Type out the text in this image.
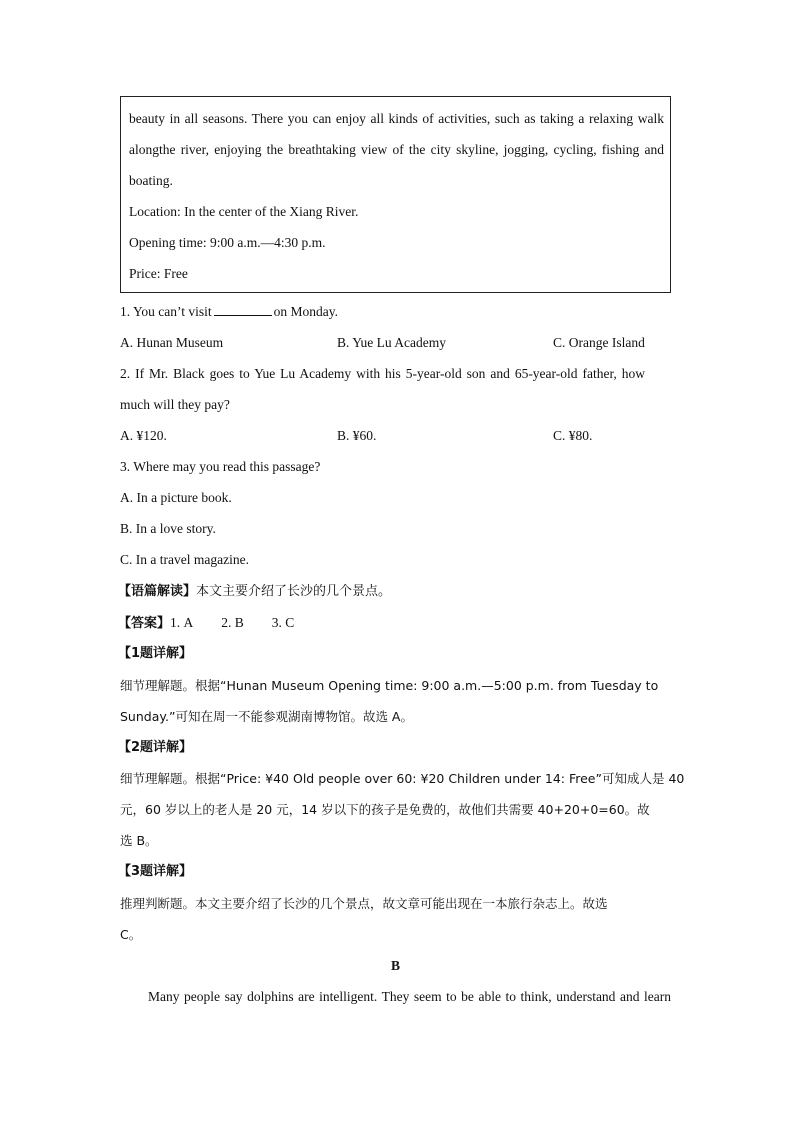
beauty in all seasons. There you can enjoy all kinds of activities, such as taking a relaxing walk
alongthe river, enjoying the breathtaking view of the city skyline, jogging, cycling, fishing and
boating.
Location: In the center of the Xiang River.
Opening time: 9:00 a.m.—4:30 p.m.
Price: Free
1. You can’t visit	on Monday.
A. Hunan Museum	B. Yue Lu Academy	C. Orange Island
2. If Mr. Black goes to Yue Lu Academy with his 5-year-old son and 65-year-old father, how
much will they pay?
A. ¥120.	B. ¥60.	C. ¥80.
3. Where may you read this passage?
A. In a picture book.
B. In a love story.
C. In a travel magazine.
【语篇解读】本文主要介绍了长沙的几个景点。
【答案】1. A 2. B 3. C
【1题详解】
细节理解题。根据“Hunan Museum Opening time: 9:00 a.m.—5:00 p.m. from Tuesday to
Sunday.”可知在周一不能参观湖南博物馆。故选 A。
【2题详解】
细节理解题。根据“Price: ¥40 Old people over 60: ¥20 Children under 14: Free”可知成人是 40
元，60 岁以上的老人是 20 元，14 岁以下的孩子是免费的，故他们共需要 40+20+0=60。故
选 B。
【3题详解】
推理判断题。本文主要介绍了长沙的几个景点，故文章可能出现在一本旅行杂志上。故选
C。
B
Many people say dolphins are intelligent. They seem to be able to think, understand and learn
